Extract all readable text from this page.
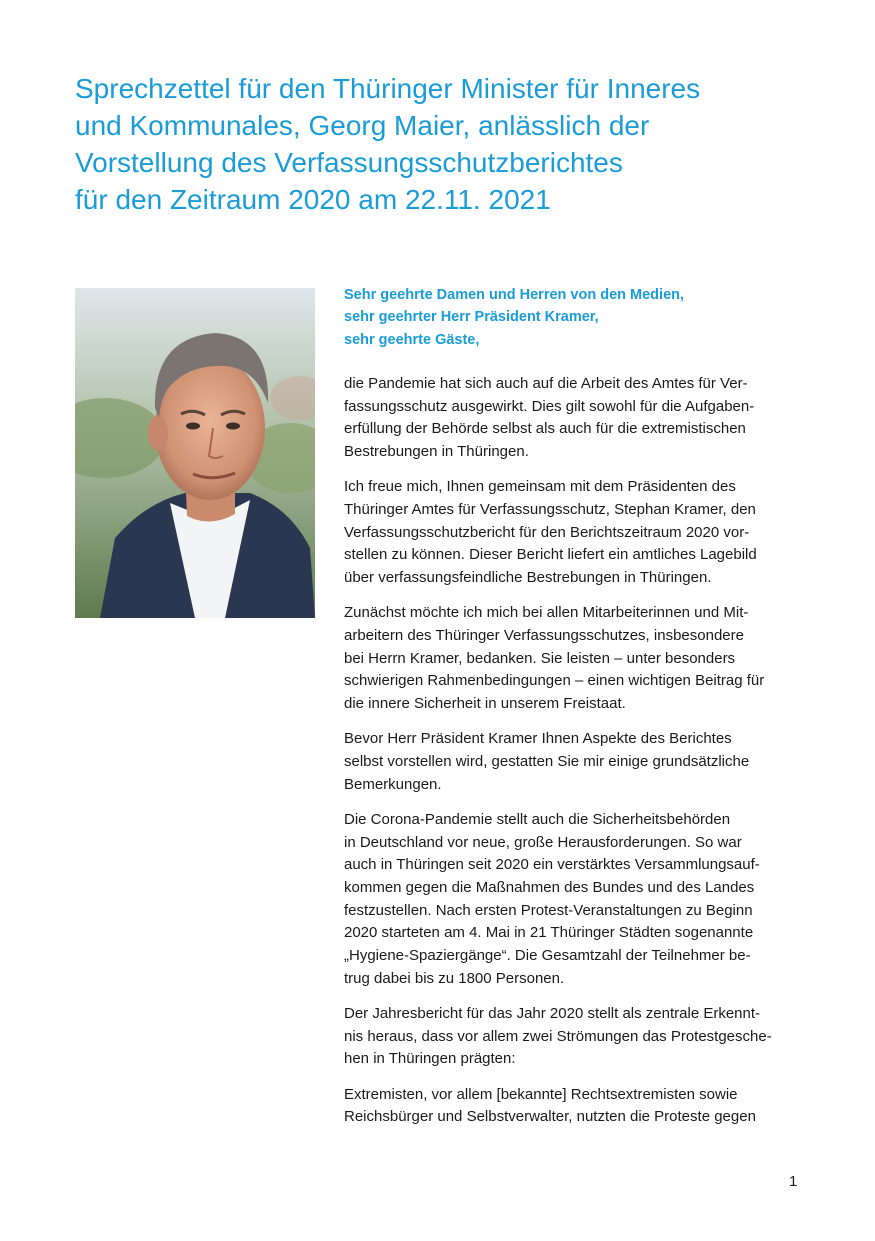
Sprechzettel für den Thüringer Minister für Inneres
und Kommunales, Georg Maier, anlässlich der
Vorstellung des Verfassungsschutzberichtes
für den Zeitraum 2020 am 22.11. 2021
Sehr geehrte Damen und Herren von den Medien,
sehr geehrter Herr Präsident Kramer,
sehr geehrte Gäste,

die Pandemie hat sich auch auf die Arbeit des Amtes für Ver-
fassungsschutz ausgewirkt. Dies gilt sowohl für die Aufgaben-
erfüllung der Behörde selbst als auch für die extremistischen
Bestrebungen in Thüringen.

Ich freue mich, Ihnen gemeinsam mit dem Präsidenten des
Thüringer Amtes für Verfassungsschutz, Stephan Kramer, den
Verfassungsschutzbericht für den Berichtszeitraum 2020 vor-
stellen zu können. Dieser Bericht liefert ein amtliches Lagebild
über verfassungsfeindliche Bestrebungen in Thüringen.

Zunächst möchte ich mich bei allen Mitarbeiterinnen und Mit-
arbeitern des Thüringer Verfassungsschutzes, insbesondere
bei Herrn Kramer, bedanken. Sie leisten – unter besonders
schwierigen Rahmenbedingungen – einen wichtigen Beitrag für
die innere Sicherheit in unserem Freistaat.

Bevor Herr Präsident Kramer Ihnen Aspekte des Berichtes
selbst vorstellen wird, gestatten Sie mir einige grundsätzliche
Bemerkungen.

Die Corona-Pandemie stellt auch die Sicherheitsbehörden
in Deutschland vor neue, große Herausforderungen. So war
auch in Thüringen seit 2020 ein verstärktes Versammlungsauf-
kommen gegen die Maßnahmen des Bundes und des Landes
festzustellen. Nach ersten Protest-Veranstaltungen zu Beginn
2020 starteten am 4. Mai in 21 Thüringer Städten sogenannte
„Hygiene-Spaziergänge“. Die Gesamtzahl der Teilnehmer be-
trug dabei bis zu 1800 Personen.

Der Jahresbericht für das Jahr 2020 stellt als zentrale Erkennt-
nis heraus, dass vor allem zwei Strömungen das Protestgesche-
hen in Thüringen prägten:

Extremisten, vor allem [bekannte] Rechtsextremisten sowie
Reichsbürger und Selbstverwalter, nutzten die Proteste gegen

1
